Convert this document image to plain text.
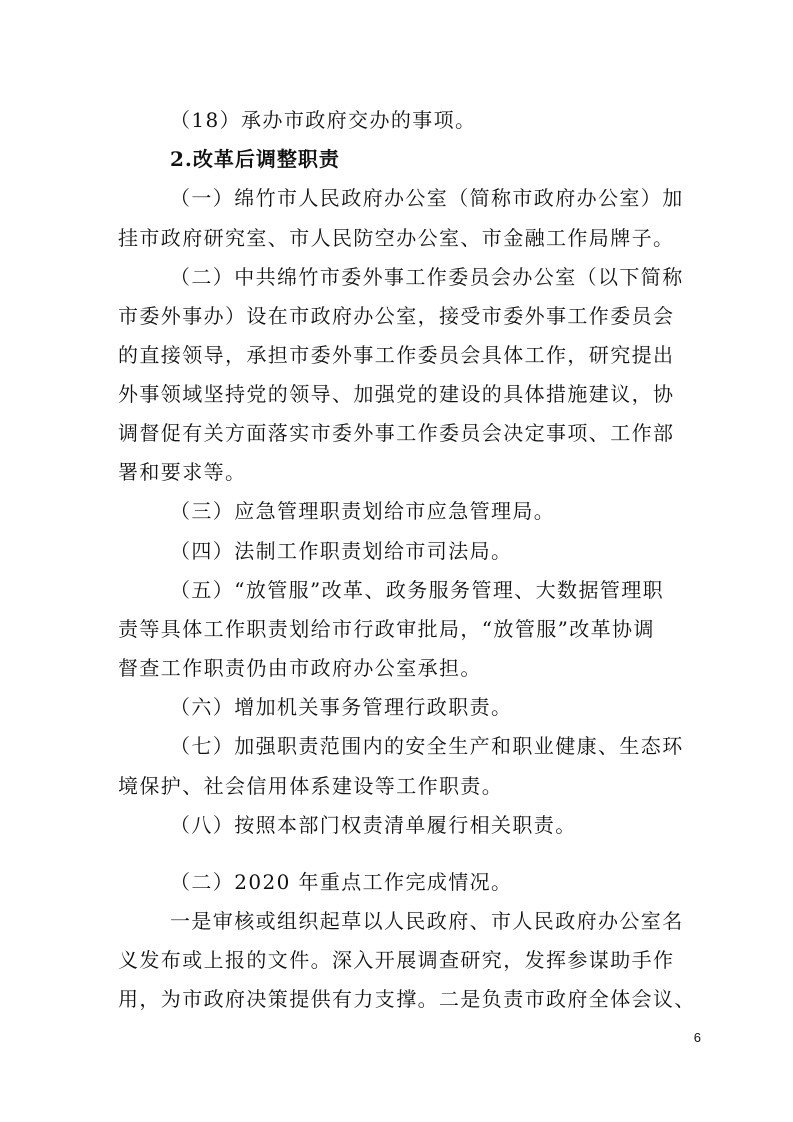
（18）承办市政府交办的事项。
2.改革后调整职责
（一）绵竹市人民政府办公室（简称市政府办公室）加
挂市政府研究室、市人民防空办公室、市金融工作局牌子。
（二）中共绵竹市委外事工作委员会办公室（以下简称
市委外事办）设在市政府办公室，接受市委外事工作委员会
的直接领导，承担市委外事工作委员会具体工作，研究提出
外事领域坚持党的领导、加强党的建设的具体措施建议，协
调督促有关方面落实市委外事工作委员会决定事项、工作部
署和要求等。
（三）应急管理职责划给市应急管理局。
（四）法制工作职责划给市司法局。
（五）“放管服”改革、政务服务管理、大数据管理职
责等具体工作职责划给市行政审批局，“放管服”改革协调
督查工作职责仍由市政府办公室承担。
（六）增加机关事务管理行政职责。
（七）加强职责范围内的安全生产和职业健康、生态环
境保护、社会信用体系建设等工作职责。
（八）按照本部门权责清单履行相关职责。
（二）2020 年重点工作完成情况。
一是审核或组织起草以人民政府、市人民政府办公室名
义发布或上报的文件。深入开展调查研究，发挥参谋助手作
用，为市政府决策提供有力支撑。二是负责市政府全体会议、
6
